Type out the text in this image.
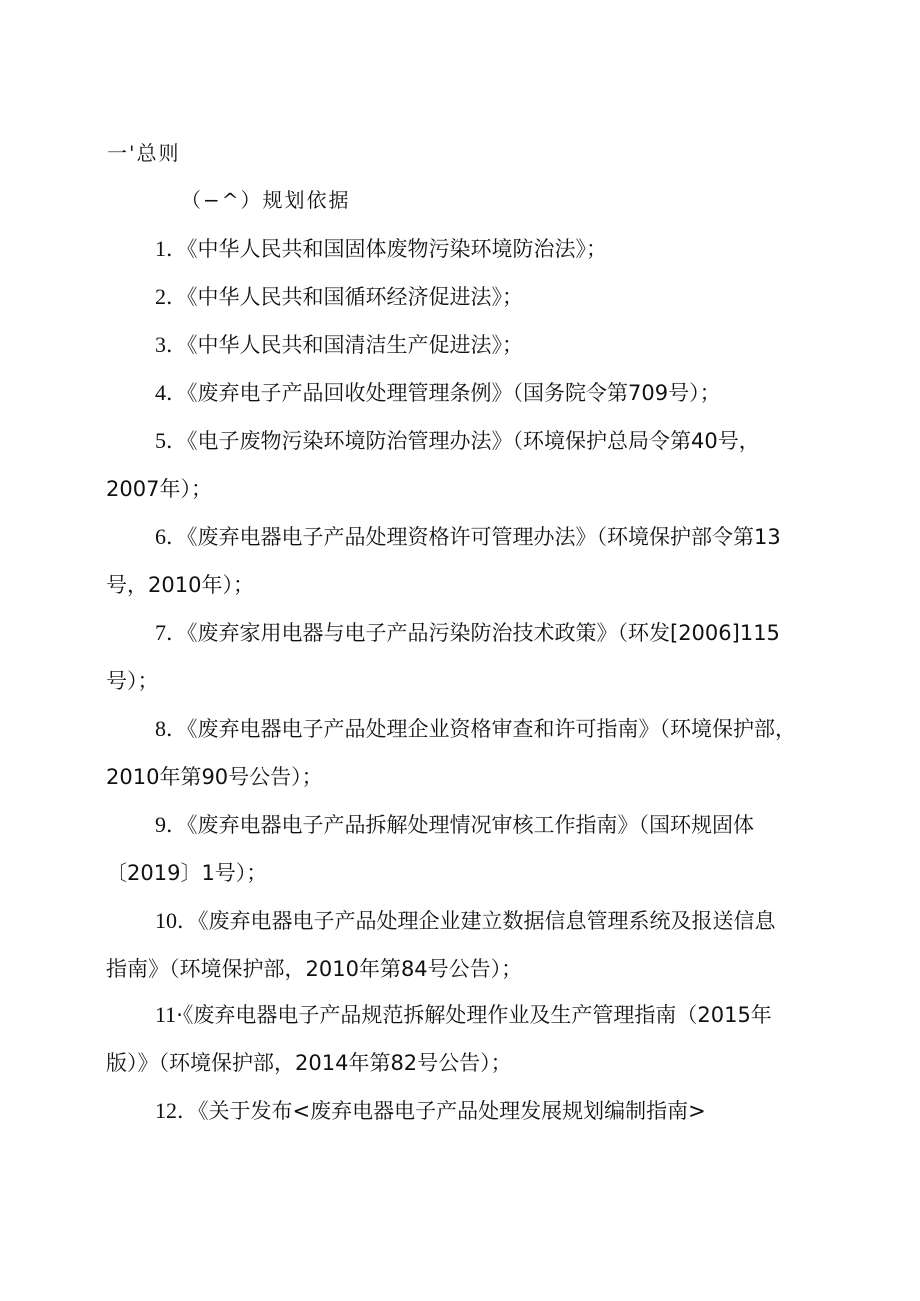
一'总则
（−^）规划依据
1．《中华人民共和国固体废物污染环境防治法》；
2．《中华人民共和国循环经济促进法》；
3．《中华人民共和国清洁生产促进法》；
4．《废弃电子产品回收处理管理条例》（国务院令第709号）；
5．《电子废物污染环境防治管理办法》（环境保护总局令第40号，
2007年）；
6．《废弃电器电子产品处理资格许可管理办法》（环境保护部令第13
号，2010年）；
7．《废弃家用电器与电子产品污染防治技术政策》（环发[2006]115
号）；
8．《废弃电器电子产品处理企业资格审查和许可指南》（环境保护部，
2010年第90号公告）；
9．《废弃电器电子产品拆解处理情况审核工作指南》（国环规固体
〔2019〕1号）；
10．《废弃电器电子产品处理企业建立数据信息管理系统及报送信息
指南》（环境保护部，2010年第84号公告）；
11·《废弃电器电子产品规范拆解处理作业及生产管理指南（2015年
版）》（环境保护部，2014年第82号公告）；
12．《关于发布<废弃电器电子产品处理发展规划编制指南>
